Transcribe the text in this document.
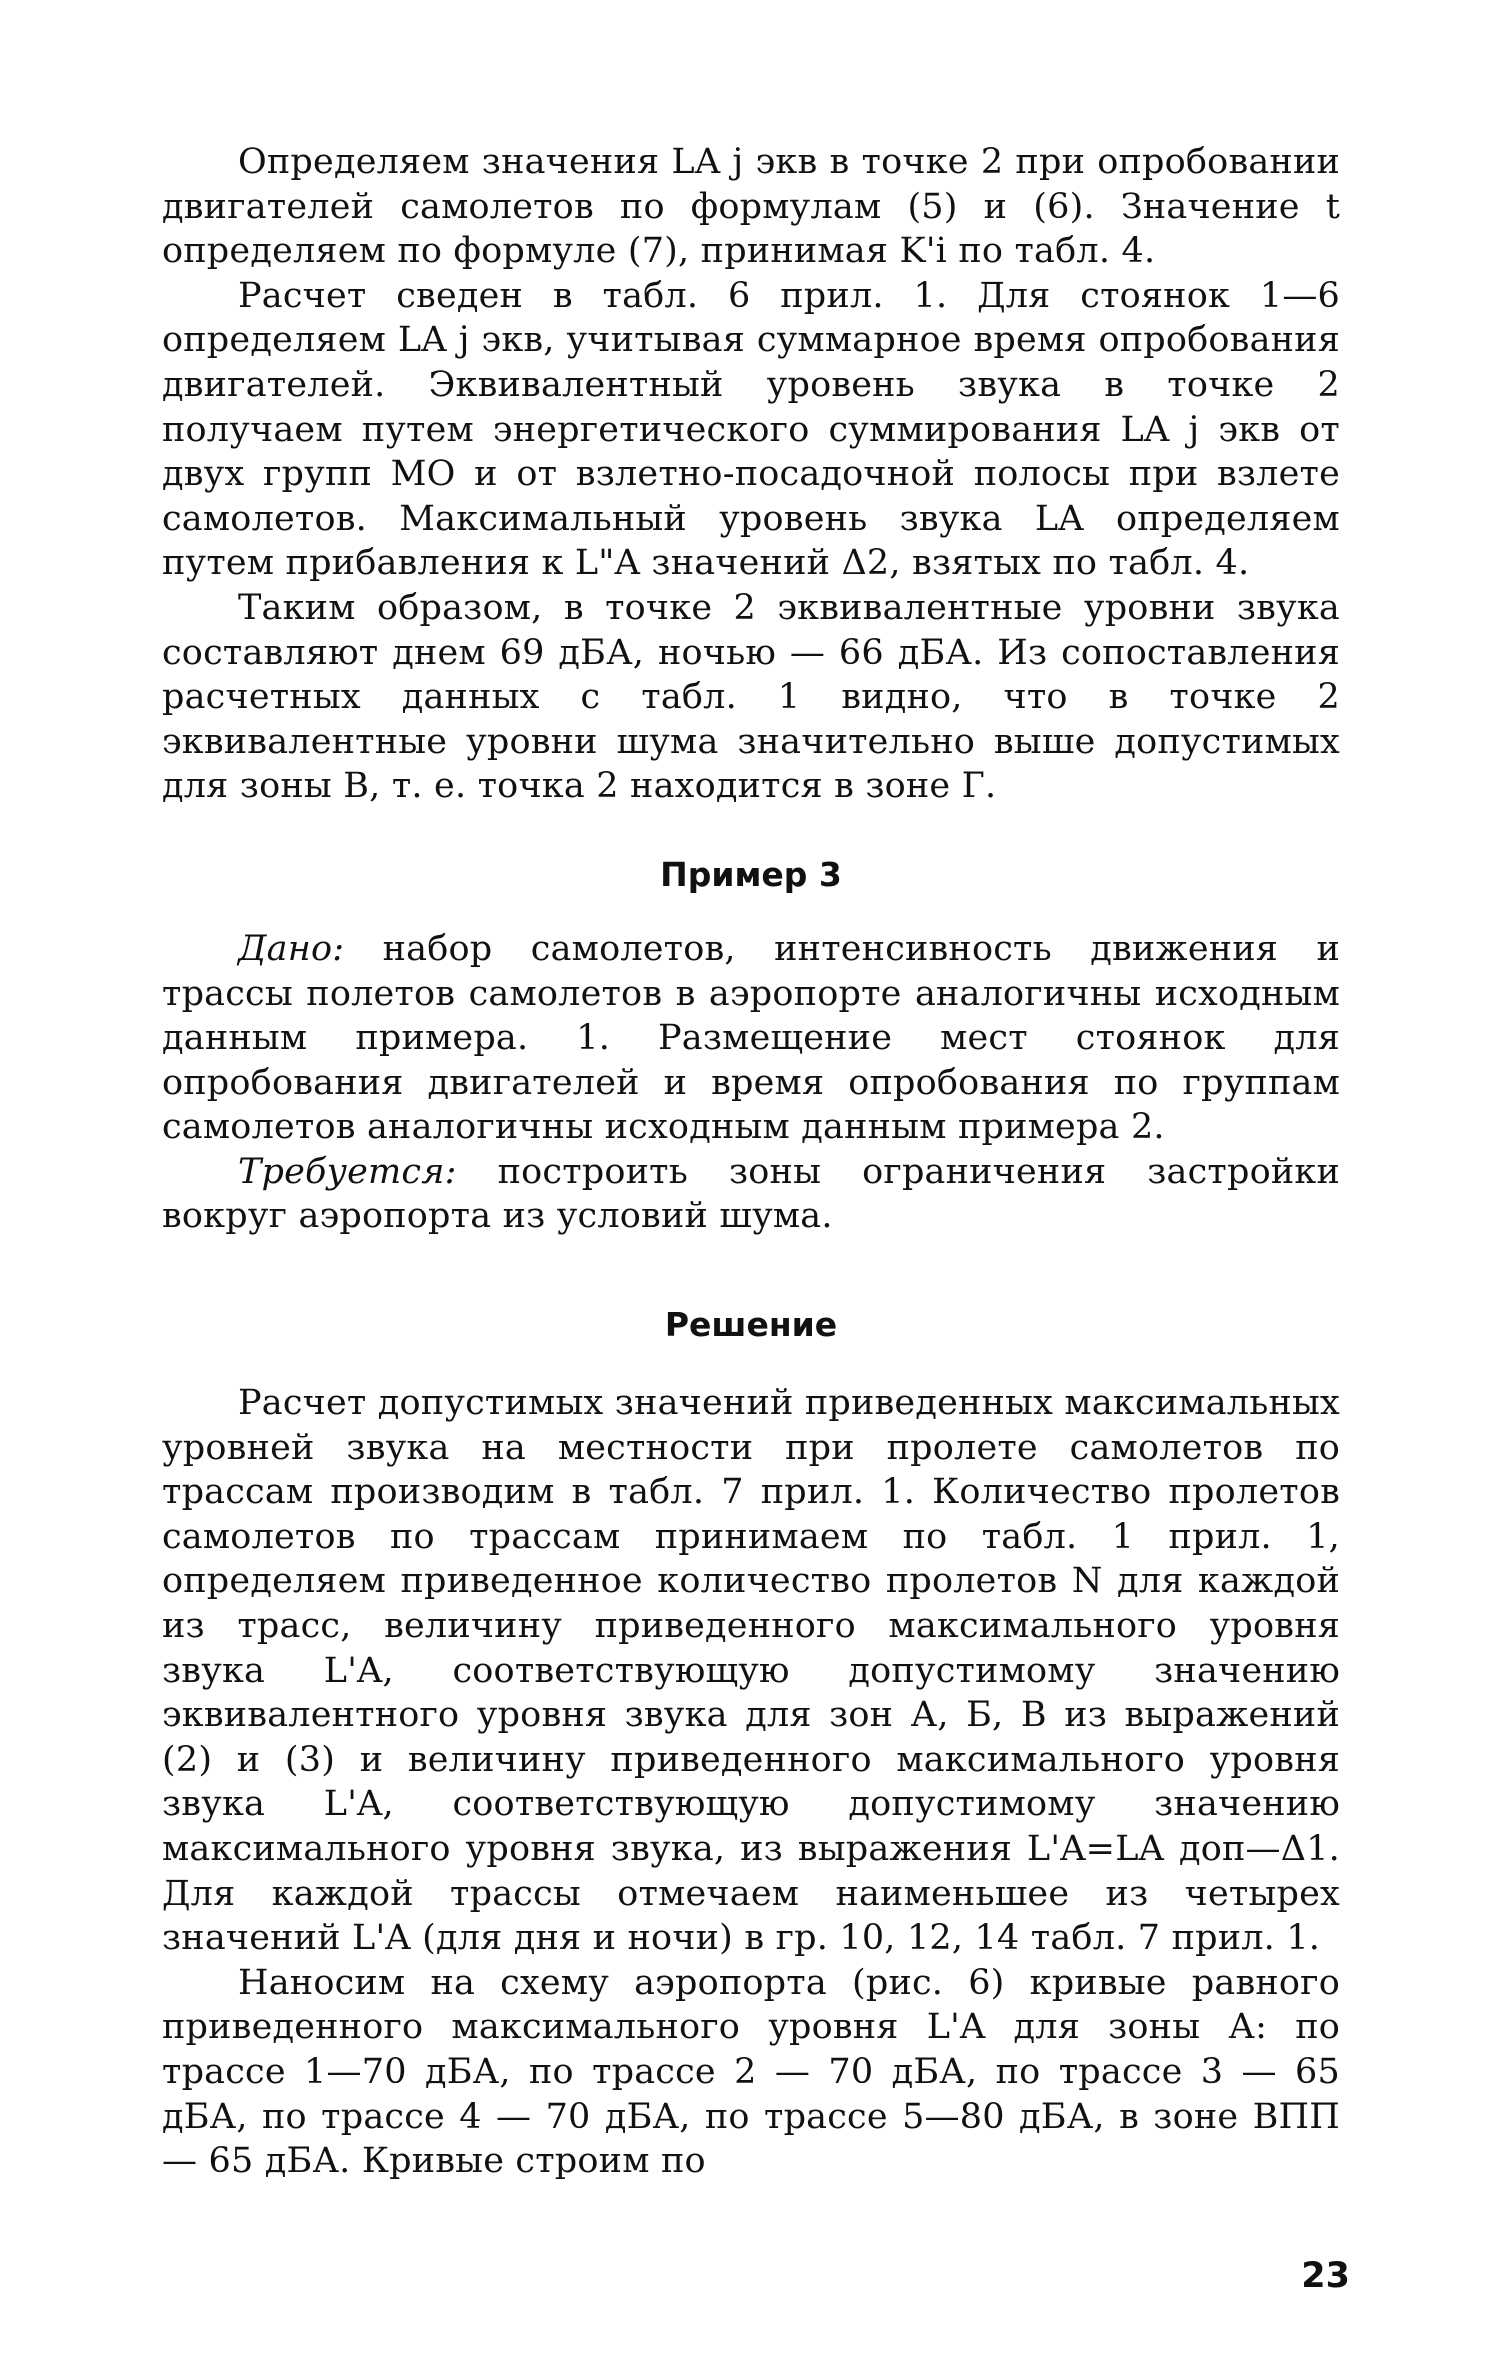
Определяем значения LA j экв в точке 2 при опробовании двигателей самолетов по формулам (5) и (6). Значение t определяем по формуле (7), принимая K'i по табл. 4.

Расчет сведен в табл. 6 прил. 1. Для стоянок 1—6 определяем LA j экв, учитывая суммарное время опробования двигателей. Эквивалентный уровень звука в точке 2 получаем путем энергетического суммирования LA j экв от двух групп МО и от взлетно-посадочной полосы при взлете самолетов. Максимальный уровень звука LA определяем путем прибавления к L"A значений Δ2, взятых по табл. 4.

Таким образом, в точке 2 эквивалентные уровни звука составляют днем 69 дБА, ночью — 66 дБА. Из сопоставления расчетных данных с табл. 1 видно, что в точке 2 эквивалентные уровни шума значительно выше допустимых для зоны В, т. е. точка 2 находится в зоне Г.

Пример 3

Дано: набор самолетов, интенсивность движения и трассы полетов самолетов в аэропорте аналогичны исходным данным примера. 1. Размещение мест стоянок для опробования двигателей и время опробования по группам самолетов аналогичны исходным данным примера 2.

Требуется: построить зоны ограничения застройки вокруг аэропорта из условий шума.

Решение

Расчет допустимых значений приведенных максимальных уровней звука на местности при пролете самолетов по трассам производим в табл. 7 прил. 1. Количество пролетов самолетов по трассам принимаем по табл. 1 прил. 1, определяем приведенное количество пролетов N для каждой из трасс, величину приведенного максимального уровня звука L'A, соответствующую допустимому значению эквивалентного уровня звука для зон А, Б, В из выражений (2) и (3) и величину приведенного максимального уровня звука L'A, соответствующую допустимому значению максимального уровня звука, из выражения L'A=LA доп—Δ1. Для каждой трассы отмечаем наименьшее из четырех значений L'A (для дня и ночи) в гр. 10, 12, 14 табл. 7 прил. 1.

Наносим на схему аэропорта (рис. 6) кривые равного приведенного максимального уровня L'A для зоны А: по трассе 1—70 дБА, по трассе 2 — 70 дБА, по трассе 3 — 65 дБА, по трассе 4 — 70 дБА, по трассе 5—80 дБА, в зоне ВПП — 65 дБА. Кривые строим по

23
